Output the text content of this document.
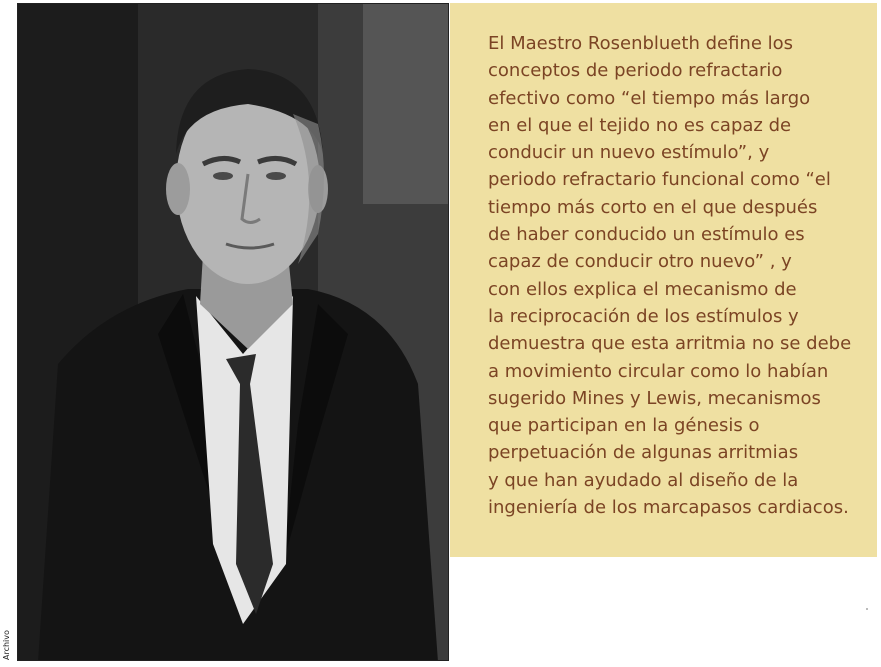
Archivo

El Maestro Rosenblueth define los
conceptos de periodo refractario
efectivo como “el tiempo más largo
en el que el tejido no es capaz de
conducir un nuevo estímulo”, y
periodo refractario funcional como “el
tiempo más corto en el que después
de haber conducido un estímulo es
capaz de conducir otro nuevo” , y
con ellos explica el mecanismo de
la reciprocación de los estímulos y
demuestra que esta arritmia no se debe
a movimiento circular como lo habían
sugerido Mines y Lewis, mecanismos
que participan en la génesis o
perpetuación de algunas arritmias
y que han ayudado al diseño de la
ingeniería de los marcapasos cardiacos.
